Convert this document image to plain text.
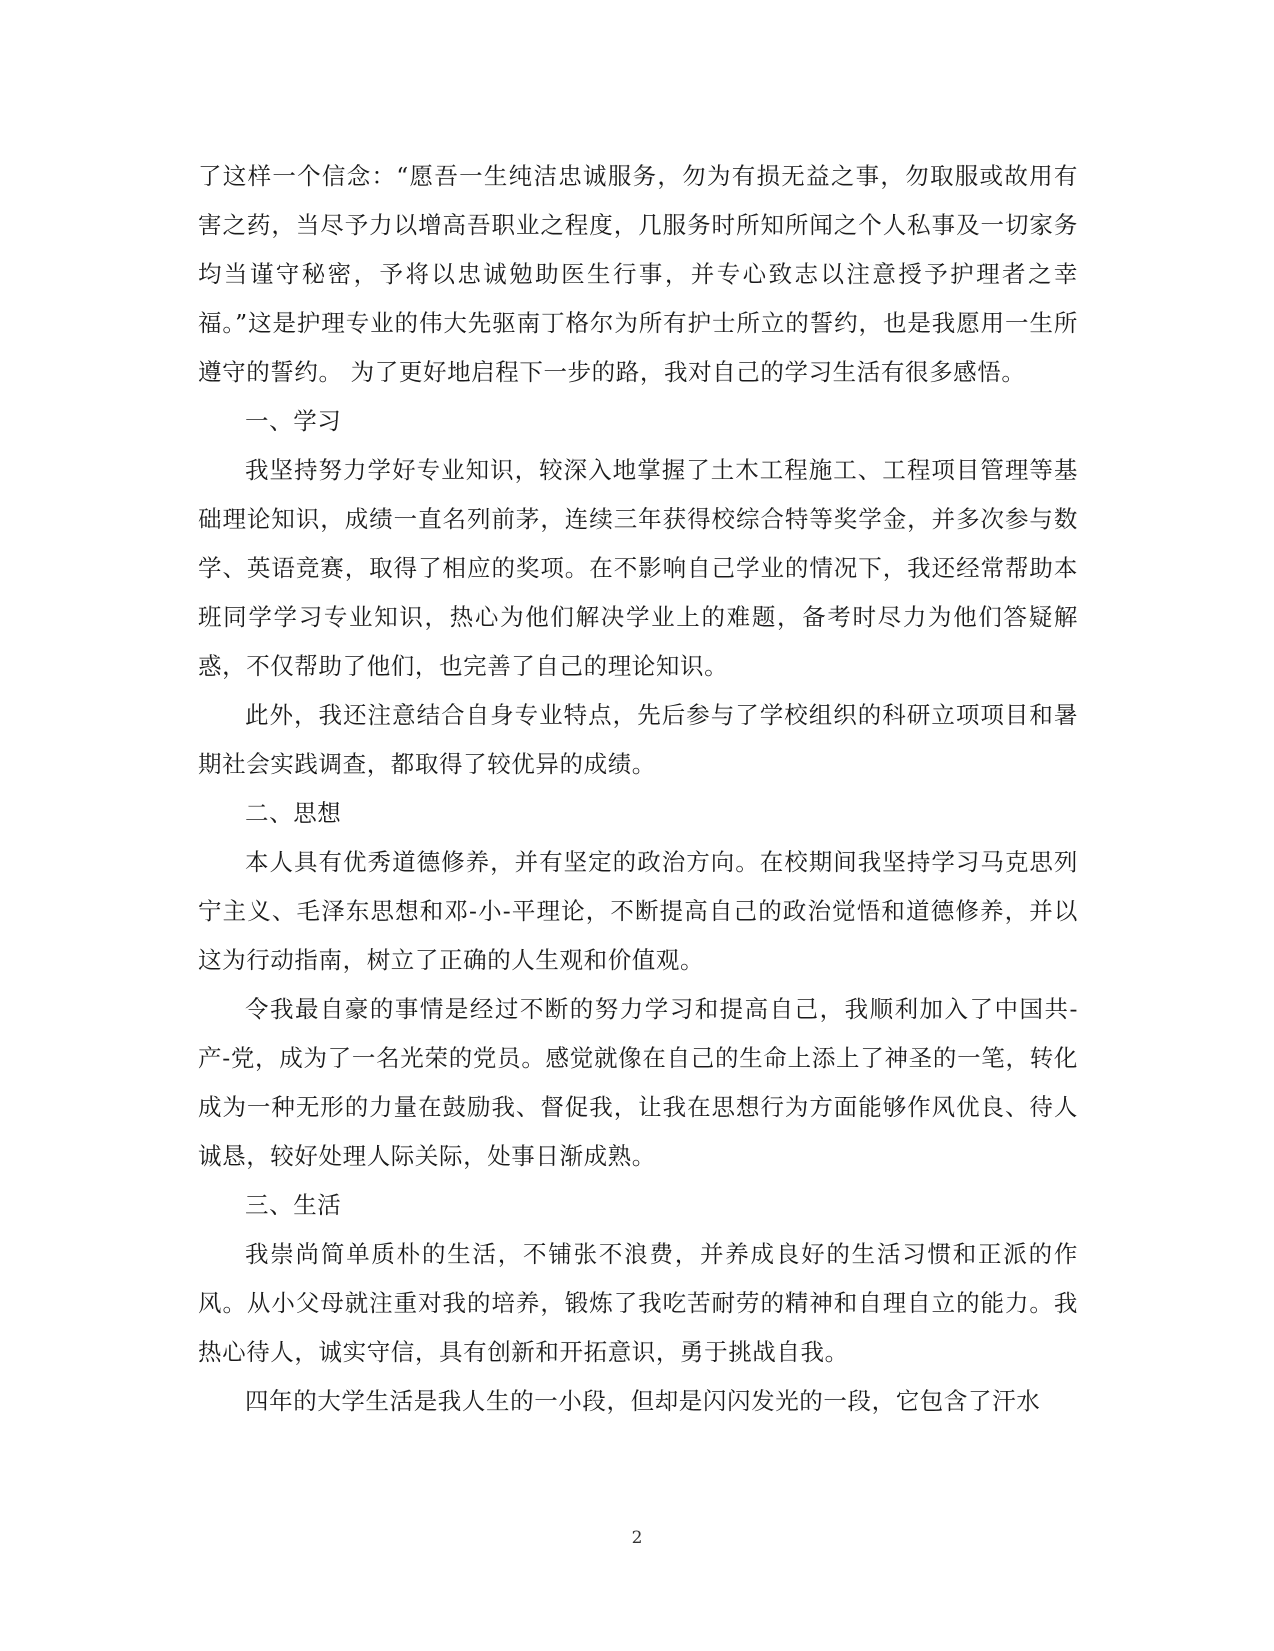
了这样一个信念：“愿吾一生纯洁忠诚服务，勿为有损无益之事，勿取服或故用有害之药，当尽予力以增高吾职业之程度，几服务时所知所闻之个人私事及一切家务均当谨守秘密，予将以忠诚勉助医生行事，并专心致志以注意授予护理者之幸福。”这是护理专业的伟大先驱南丁格尔为所有护士所立的誓约，也是我愿用一生所遵守的誓约。 为了更好地启程下一步的路，我对自己的学习生活有很多感悟。

一、学习

我坚持努力学好专业知识，较深入地掌握了土木工程施工、工程项目管理等基础理论知识，成绩一直名列前茅，连续三年获得校综合特等奖学金，并多次参与数学、英语竞赛，取得了相应的奖项。在不影响自己学业的情况下，我还经常帮助本班同学学习专业知识，热心为他们解决学业上的难题，备考时尽力为他们答疑解惑，不仅帮助了他们，也完善了自己的理论知识。

此外，我还注意结合自身专业特点，先后参与了学校组织的科研立项项目和暑期社会实践调查，都取得了较优异的成绩。

二、思想

本人具有优秀道德修养，并有坚定的政治方向。在校期间我坚持学习马克思列宁主义、毛泽东思想和邓-小-平理论，不断提高自己的政治觉悟和道德修养，并以这为行动指南，树立了正确的人生观和价值观。

令我最自豪的事情是经过不断的努力学习和提高自己，我顺利加入了中国共-产-党，成为了一名光荣的党员。感觉就像在自己的生命上添上了神圣的一笔，转化成为一种无形的力量在鼓励我、督促我，让我在思想行为方面能够作风优良、待人诚恳，较好处理人际关际，处事日渐成熟。

三、生活

我崇尚简单质朴的生活，不铺张不浪费，并养成良好的生活习惯和正派的作风。从小父母就注重对我的培养，锻炼了我吃苦耐劳的精神和自理自立的能力。我热心待人，诚实守信，具有创新和开拓意识，勇于挑战自我。

四年的大学生活是我人生的一小段，但却是闪闪发光的一段，它包含了汗水

2
